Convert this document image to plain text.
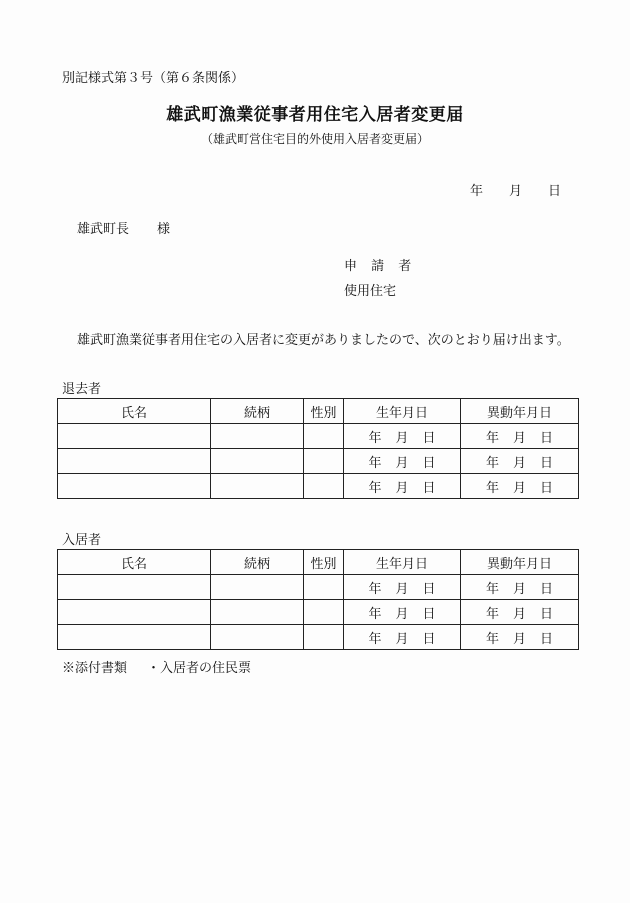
別記様式第３号（第６条関係）
雄武町漁業従事者用住宅入居者変更届
（雄武町営住宅目的外使用入居者変更届）
年 月 日
雄武町長 様
申 請 者
使用住宅
雄武町漁業従事者用住宅の入居者に変更がありましたので、次のとおり届け出ます。
退去者
氏名	続柄	性別	生年月日	異動年月日
			年 月 日	年 月 日
			年 月 日	年 月 日
			年 月 日	年 月 日
入居者
氏名	続柄	性別	生年月日	異動年月日
			年 月 日	年 月 日
			年 月 日	年 月 日
			年 月 日	年 月 日
※添付書類 ・入居者の住民票
